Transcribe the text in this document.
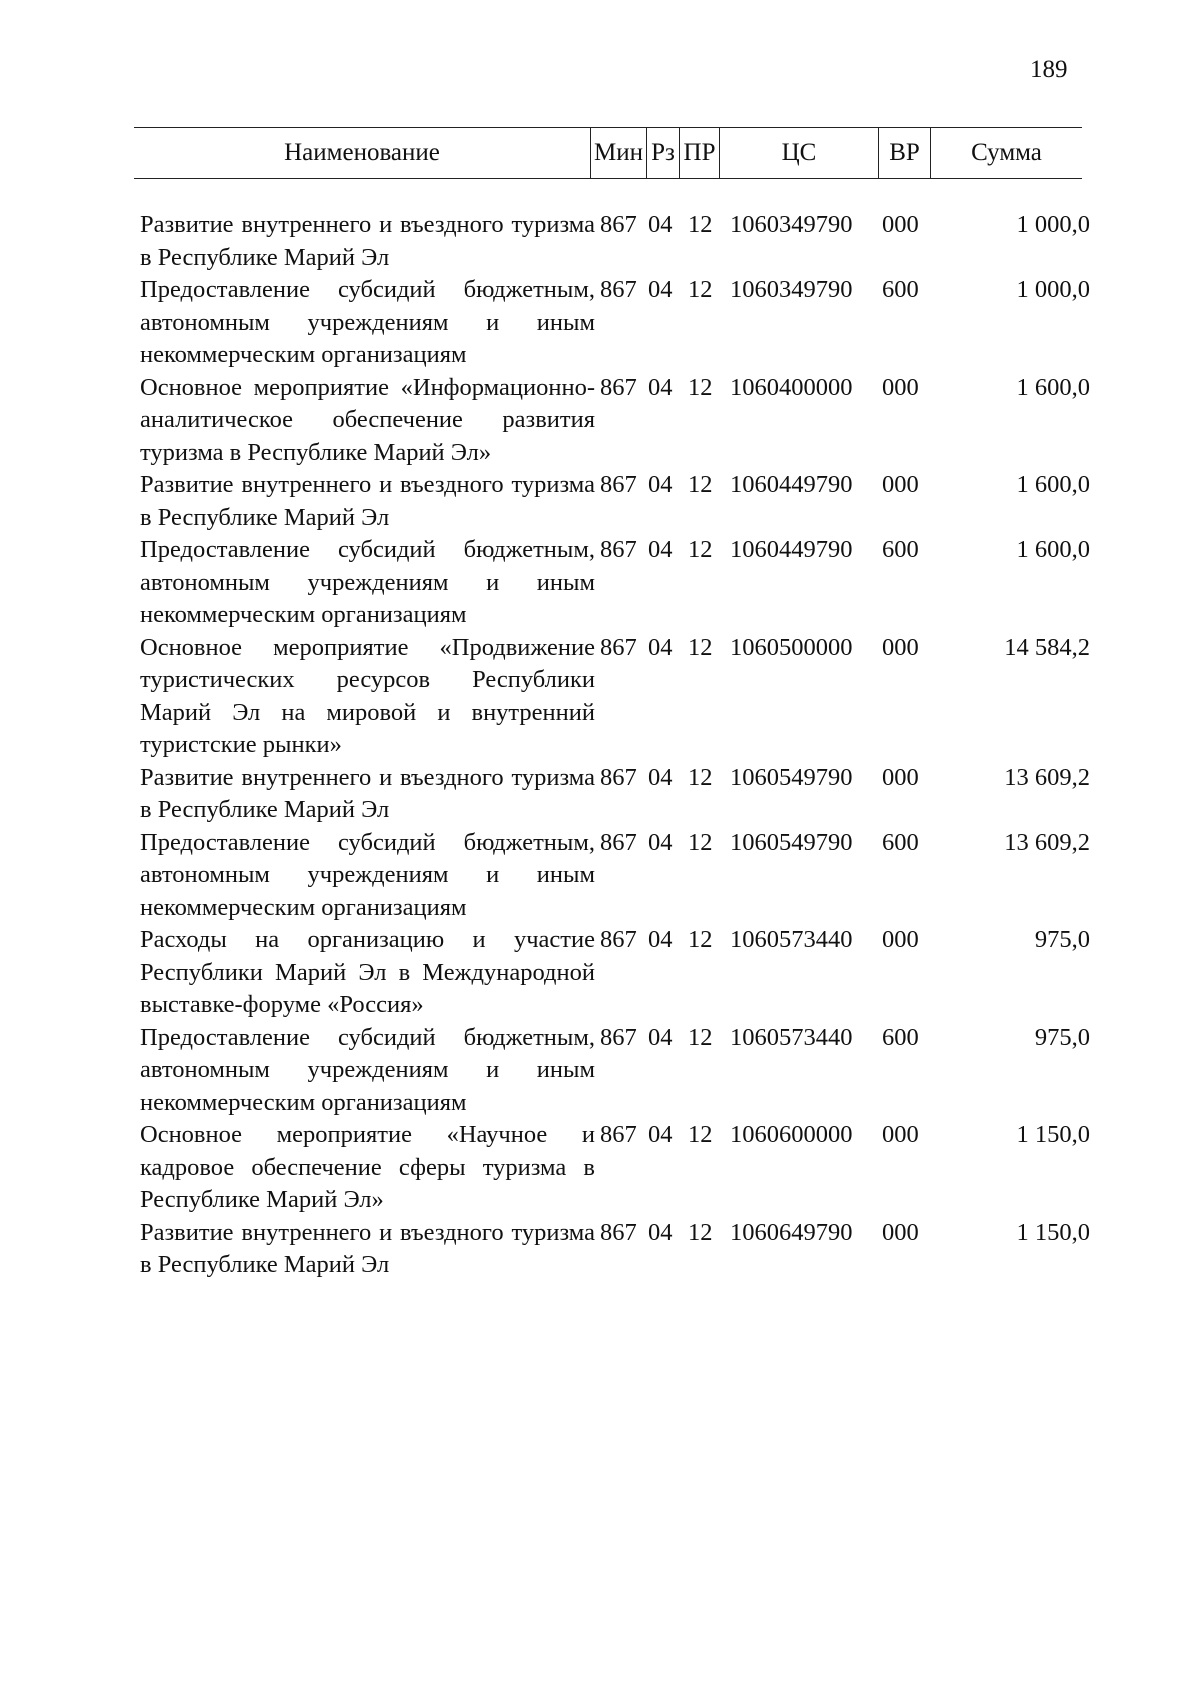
189
Наименование	Мин Рз ПР	ЦС	ВР	Сумма
Развитие внутреннего и въездного туризма в Республике Марий Эл
867 04 12 1060349790 000	1 000,0
Предоставление субсидий бюджетным, автономным учреждениям и иным некоммерческим организациям
867 04 12 1060349790 600	1 000,0
Основное мероприятие «Информационно-аналитическое обеспечение развития туризма в Республике Марий Эл»
867 04 12 1060400000 000	1 600,0
Развитие внутреннего и въездного туризма в Республике Марий Эл
867 04 12 1060449790 000	1 600,0
Предоставление субсидий бюджетным, автономным учреждениям и иным некоммерческим организациям
867 04 12 1060449790 600	1 600,0
Основное мероприятие «Продвижение туристических ресурсов Республики Марий Эл на мировой и внутренний туристские рынки»
867 04 12 1060500000 000	14 584,2
Развитие внутреннего и въездного туризма в Республике Марий Эл
867 04 12 1060549790 000	13 609,2
Предоставление субсидий бюджетным, автономным учреждениям и иным некоммерческим организациям
867 04 12 1060549790 600	13 609,2
Расходы на организацию и участие Республики Марий Эл в Международной выставке-форуме «Россия»
867 04 12 1060573440 000	975,0
Предоставление субсидий бюджетным, автономным учреждениям и иным некоммерческим организациям
867 04 12 1060573440 600	975,0
Основное мероприятие «Научное и кадровое обеспечение сферы туризма в Республике Марий Эл»
867 04 12 1060600000 000	1 150,0
Развитие внутреннего и въездного туризма в Республике Марий Эл
867 04 12 1060649790 000	1 150,0
